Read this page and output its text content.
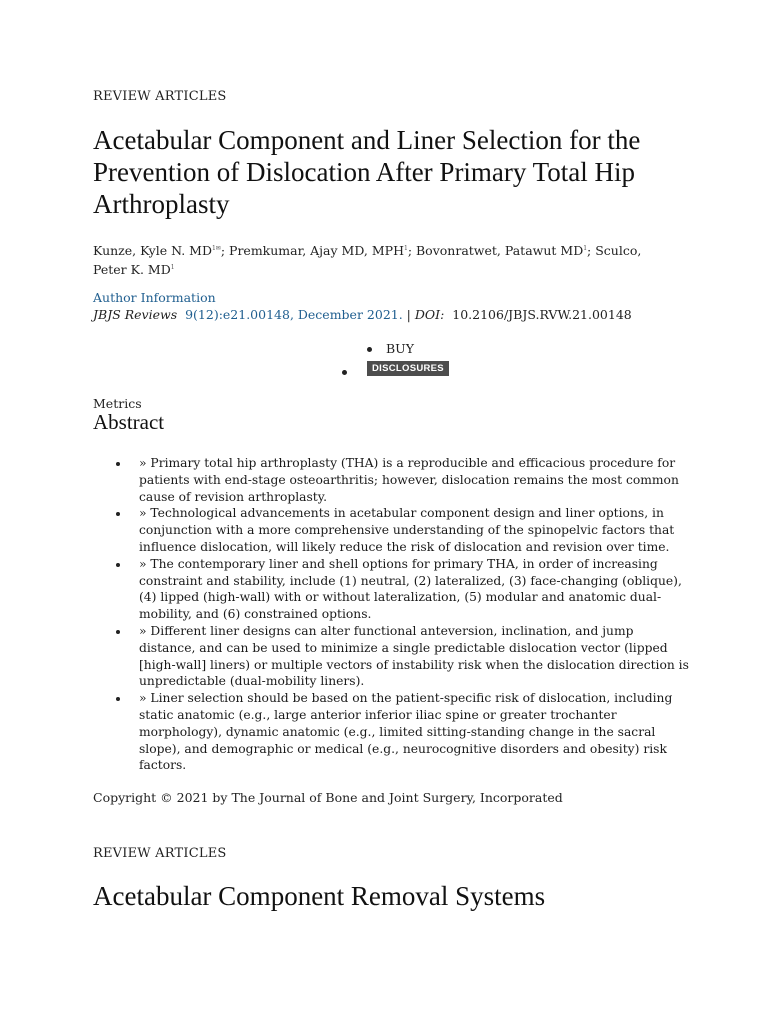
REVIEW ARTICLES
Acetabular Component and Liner Selection for the Prevention of Dislocation After Primary Total Hip Arthroplasty
Kunze, Kyle N. $MD^{1✉}$; Premkumar, Ajay MD, MPH$^1$; Bovonratwet, Patawut $MD^1$; Sculco, Peter K. $MD^1$
Author Information
JBJS Reviews 9(12):e21.00148, December 2021. | DOI: 10.2106/JBJS.RVW.21.00148
BUY
DISCLOSURES
Metrics
Abstract
» Primary total hip arthroplasty (THA) is a reproducible and efficacious procedure for patients with end-stage osteoarthritis; however, dislocation remains the most common cause of revision arthroplasty.
» Technological advancements in acetabular component design and liner options, in conjunction with a more comprehensive understanding of the spinopelvic factors that influence dislocation, will likely reduce the risk of dislocation and revision over time.
» The contemporary liner and shell options for primary THA, in order of increasing constraint and stability, include (1) neutral, (2) lateralized, (3) face-changing (oblique), (4) lipped (high-wall) with or without lateralization, (5) modular and anatomic dual-mobility, and (6) constrained options.
» Different liner designs can alter functional anteversion, inclination, and jump distance, and can be used to minimize a single predictable dislocation vector (lipped [high-wall] liners) or multiple vectors of instability risk when the dislocation direction is unpredictable (dual-mobility liners).
» Liner selection should be based on the patient-specific risk of dislocation, including static anatomic (e.g., large anterior inferior iliac spine or greater trochanter morphology), dynamic anatomic (e.g., limited sitting-standing change in the sacral slope), and demographic or medical (e.g., neurocognitive disorders and obesity) risk factors.
Copyright © 2021 by The Journal of Bone and Joint Surgery, Incorporated
REVIEW ARTICLES
Acetabular Component Removal Systems
